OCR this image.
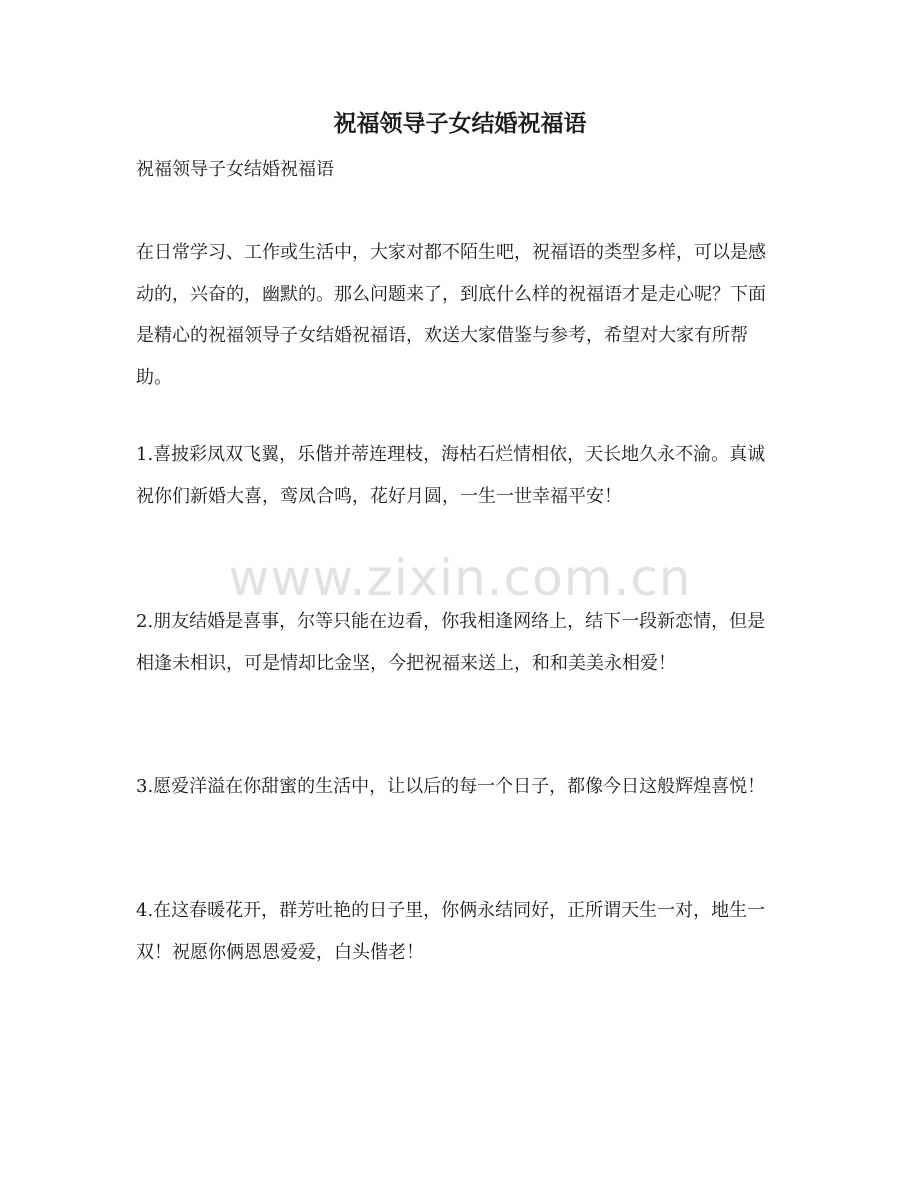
祝福领导子女结婚祝福语
祝福领导子女结婚祝福语

在日常学习、工作或生活中，大家对都不陌生吧，祝福语的类型多样，可以是感动的，兴奋的，幽默的。那么问题来了，到底什么样的祝福语才是走心呢？下面是精心的祝福领导子女结婚祝福语，欢送大家借鉴与参考，希望对大家有所帮助。

1.喜披彩凤双飞翼，乐偕并蒂连理枝，海枯石烂情相依，天长地久永不渝。真诚祝你们新婚大喜，鸾凤合鸣，花好月圆，一生一世幸福平安！

2.朋友结婚是喜事，尔等只能在边看，你我相逢网络上，结下一段新恋情，但是相逢未相识，可是情却比金坚，今把祝福来送上，和和美美永相爱！

3.愿爱洋溢在你甜蜜的生活中，让以后的每一个日子，都像今日这般辉煌喜悦！

4.在这春暖花开，群芳吐艳的日子里，你俩永结同好，正所谓天生一对，地生一双！祝愿你俩恩恩爱爱，白头偕老！

www.zixin.com.cn
